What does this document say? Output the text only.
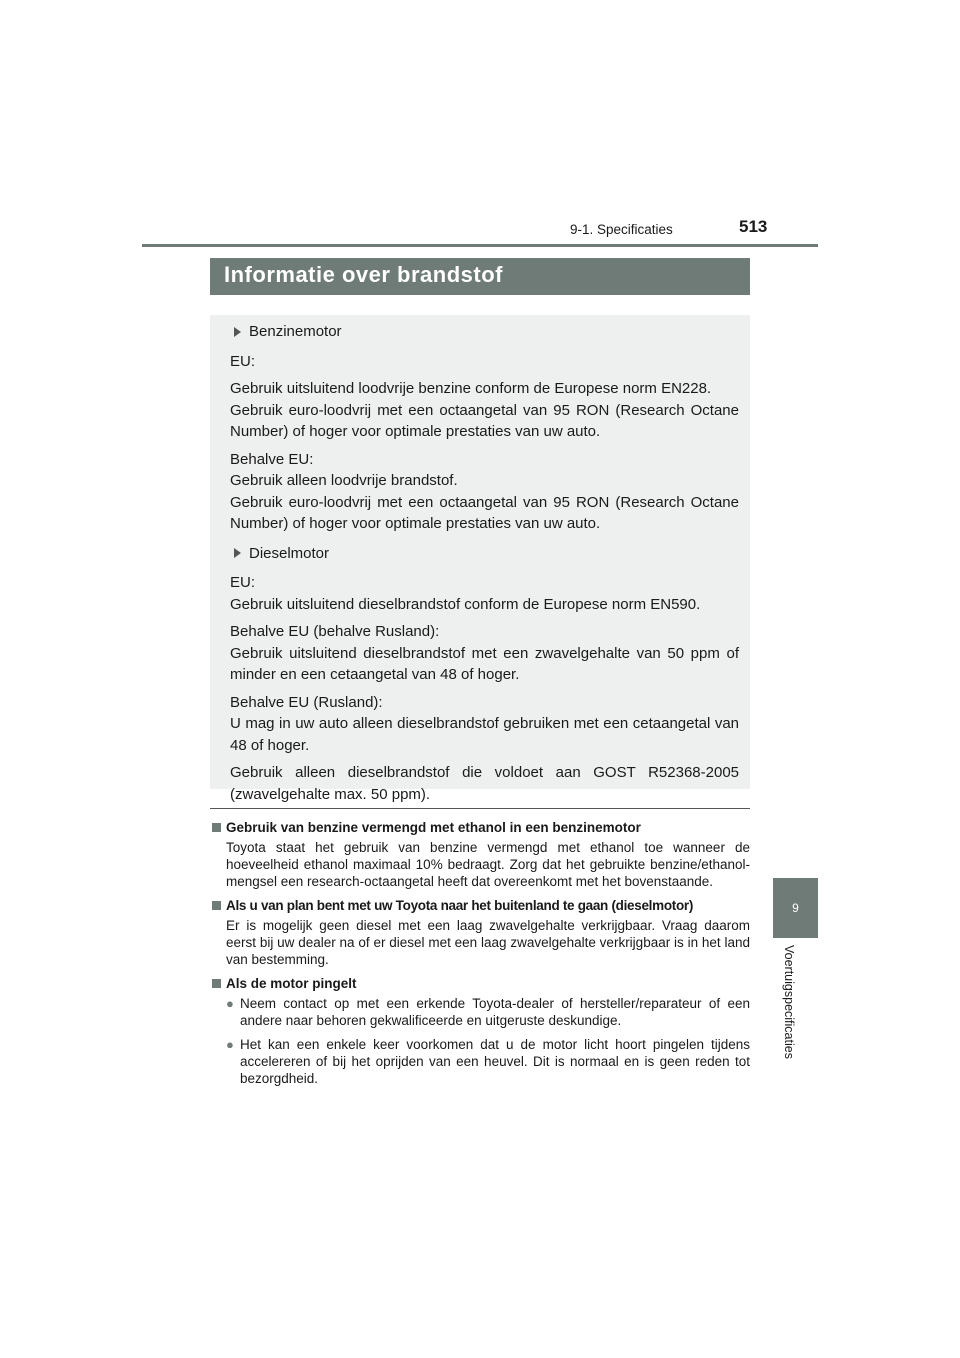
9-1. Specificaties	513
9
Voertuigspecificaties
Informatie over brandstof
Benzinemotor

EU:

Gebruik uitsluitend loodvrije benzine conform de Europese norm EN228.

Gebruik euro-loodvrij met een octaangetal van 95 RON (Research Octane Number) of hoger voor optimale prestaties van uw auto.

Behalve EU:

Gebruik alleen loodvrije brandstof.

Gebruik euro-loodvrij met een octaangetal van 95 RON (Research Octane Number) of hoger voor optimale prestaties van uw auto.

Dieselmotor

EU:

Gebruik uitsluitend dieselbrandstof conform de Europese norm EN590.

Behalve EU (behalve Rusland):

Gebruik uitsluitend dieselbrandstof met een zwavelgehalte van 50 ppm of minder en een cetaangetal van 48 of hoger.

Behalve EU (Rusland):

U mag in uw auto alleen dieselbrandstof gebruiken met een cetaangetal van 48 of hoger.

Gebruik alleen dieselbrandstof die voldoet aan GOST R52368-2005 (zwavelgehalte max. 50 ppm).

Gebruik van benzine vermengd met ethanol in een benzinemotor
Toyota staat het gebruik van benzine vermengd met ethanol toe wanneer de hoeveelheid ethanol maximaal 10% bedraagt. Zorg dat het gebruikte benzine/ethanol-mengsel een research-octaangetal heeft dat overeenkomt met het bovenstaande.
Als u van plan bent met uw Toyota naar het buitenland te gaan (dieselmotor)
Er is mogelijk geen diesel met een laag zwavelgehalte verkrijgbaar. Vraag daarom eerst bij uw dealer na of er diesel met een laag zwavelgehalte verkrijgbaar is in het land van bestemming.
Als de motor pingelt
● Neem contact op met een erkende Toyota-dealer of hersteller/reparateur of een andere naar behoren gekwalificeerde en uitgeruste deskundige.
● Het kan een enkele keer voorkomen dat u de motor licht hoort pingelen tijdens accelereren of bij het oprijden van een heuvel. Dit is normaal en is geen reden tot bezorgdheid.
